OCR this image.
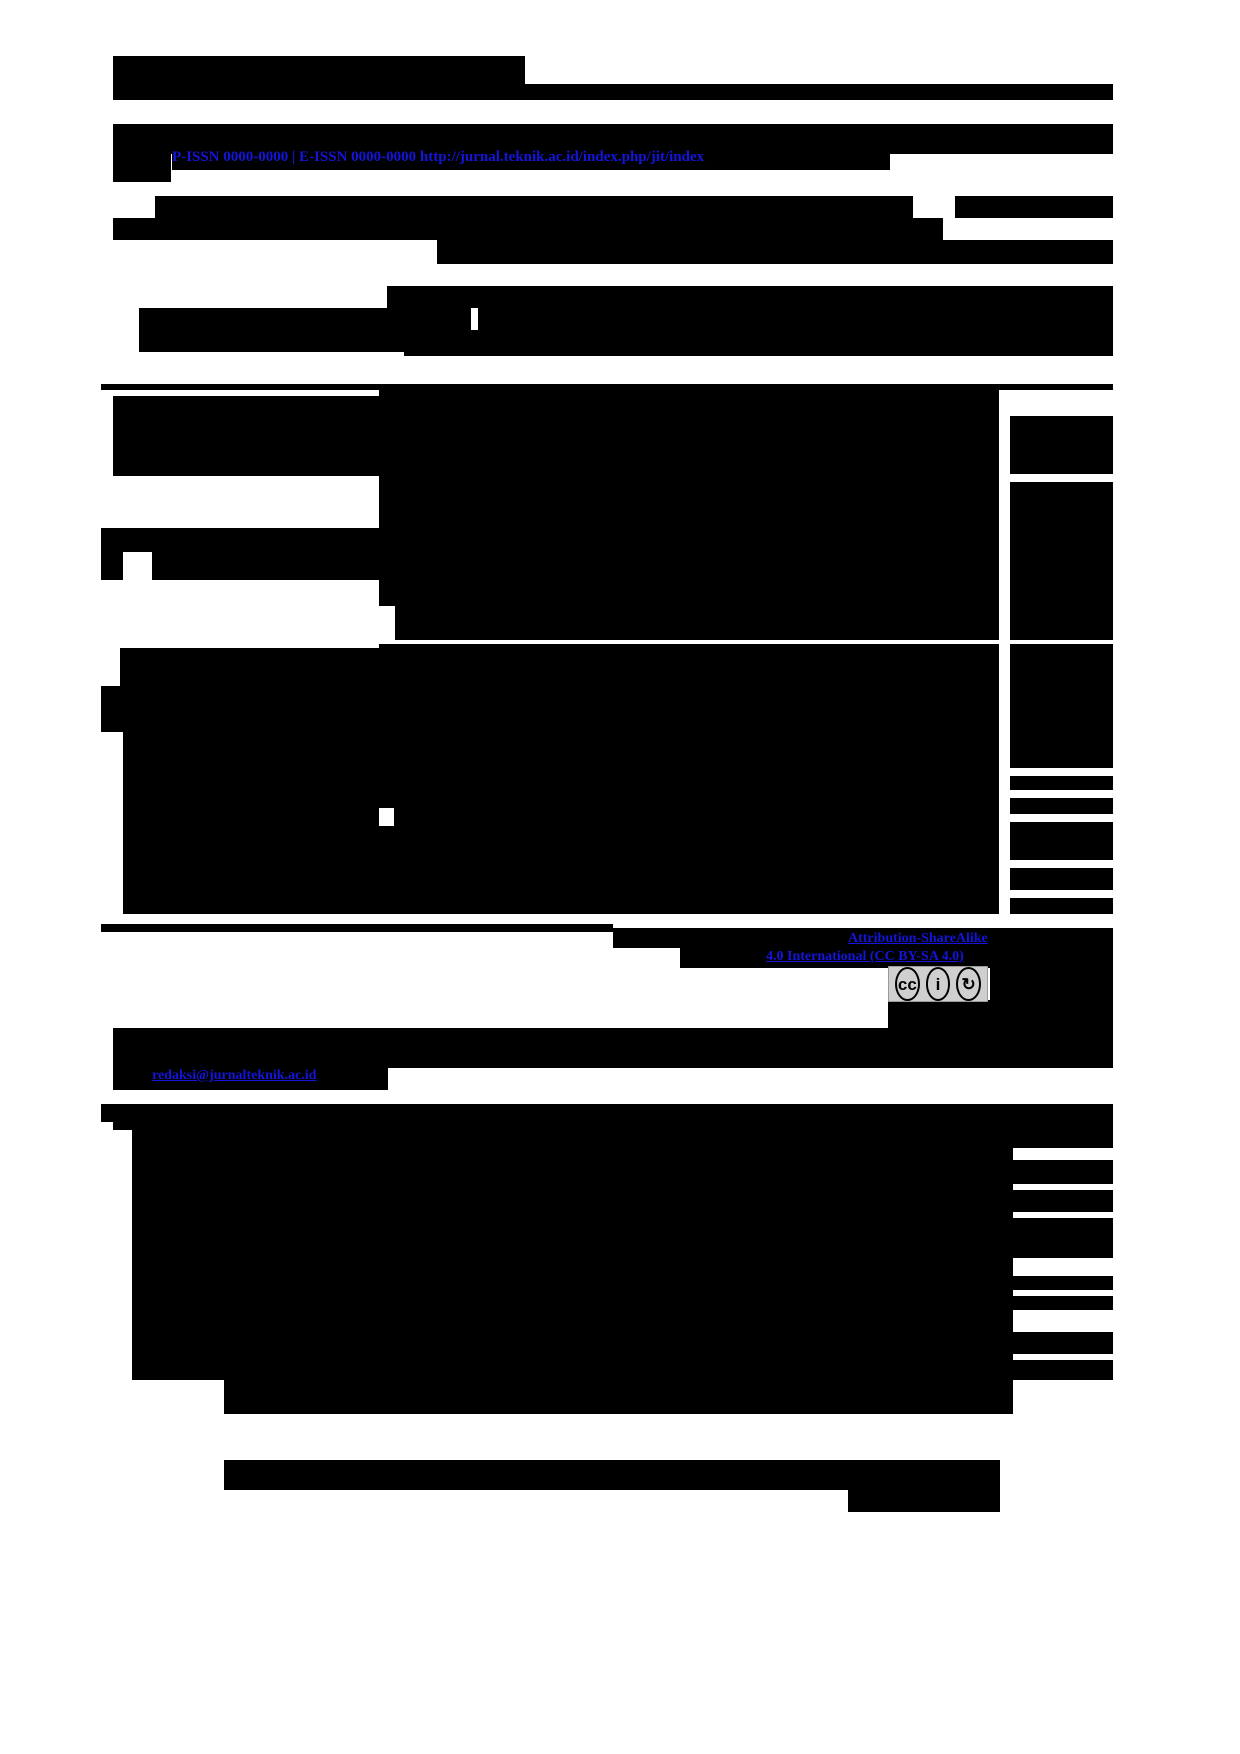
P-ISSN 0000-0000 | E-ISSN 0000-0000 http://jurnal.teknik.ac.id/index.php/jit/index
Attribution-ShareAlike
4.0 International (CC BY-SA 4.0)
cc	i	↻
BY SA
redaksi@jurnalteknik.ac.id
